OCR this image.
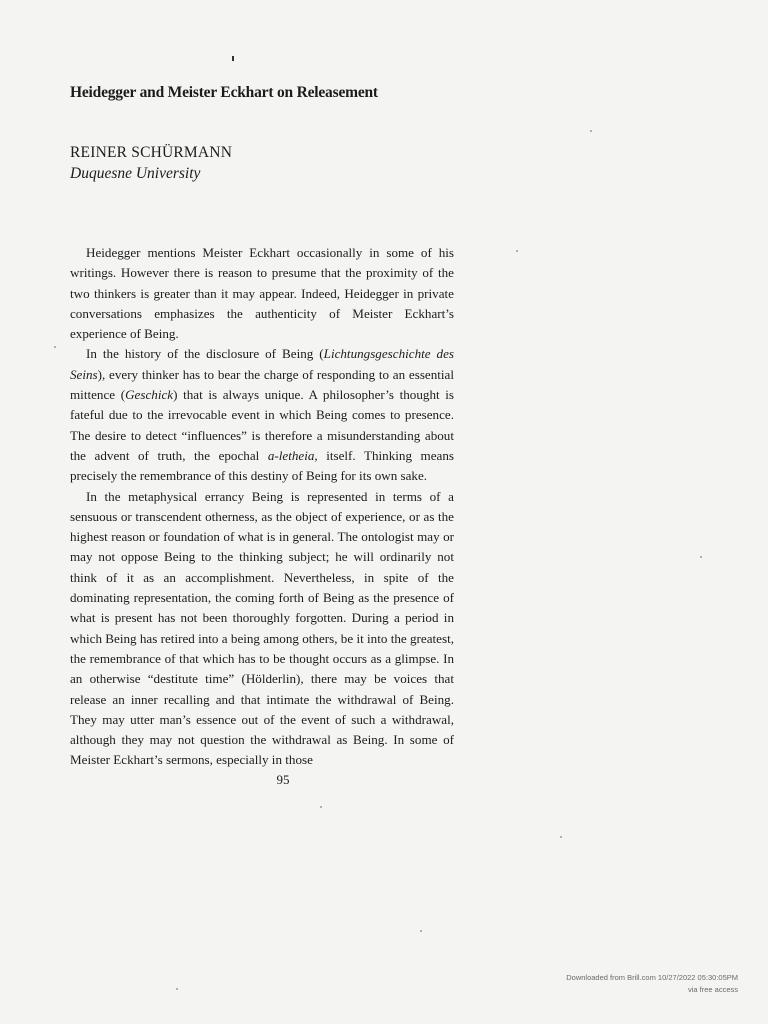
Heidegger and Meister Eckhart on Releasement
REINER SCHÜRMANN
Duquesne University

Heidegger mentions Meister Eckhart occasionally in some of his writings. However there is reason to presume that the proximity of the two thinkers is greater than it may appear. Indeed, Heidegger in private conversations emphasizes the authenticity of Meister Eckhart’s experience of Being.

In the history of the disclosure of Being (Lichtungsgeschichte des Seins), every thinker has to bear the charge of responding to an essential mittence (Geschick) that is always unique. A philosopher’s thought is fateful due to the irrevocable event in which Being comes to presence. The desire to detect “influences” is therefore a misunderstanding about the advent of truth, the epochal a-letheia, itself. Thinking means precisely the remembrance of this destiny of Being for its own sake.

In the metaphysical errancy Being is represented in terms of a sensuous or transcendent otherness, as the object of experience, or as the highest reason or foundation of what is in general. The ontologist may or may not oppose Being to the thinking subject; he will ordinarily not think of it as an accomplishment. Nevertheless, in spite of the dominating representation, the coming forth of Being as the presence of what is present has not been thoroughly forgotten. During a period in which Being has retired into a being among others, be it into the greatest, the remembrance of that which has to be thought occurs as a glimpse. In an otherwise “destitute time” (Hölderlin), there may be voices that release an inner recalling and that intimate the withdrawal of Being. They may utter man’s essence out of the event of such a withdrawal, although they may not question the withdrawal as Being. In some of Meister Eckhart’s sermons, especially in those

95
Downloaded from Brill.com 10/27/2022 05:30:05PM
via free access
